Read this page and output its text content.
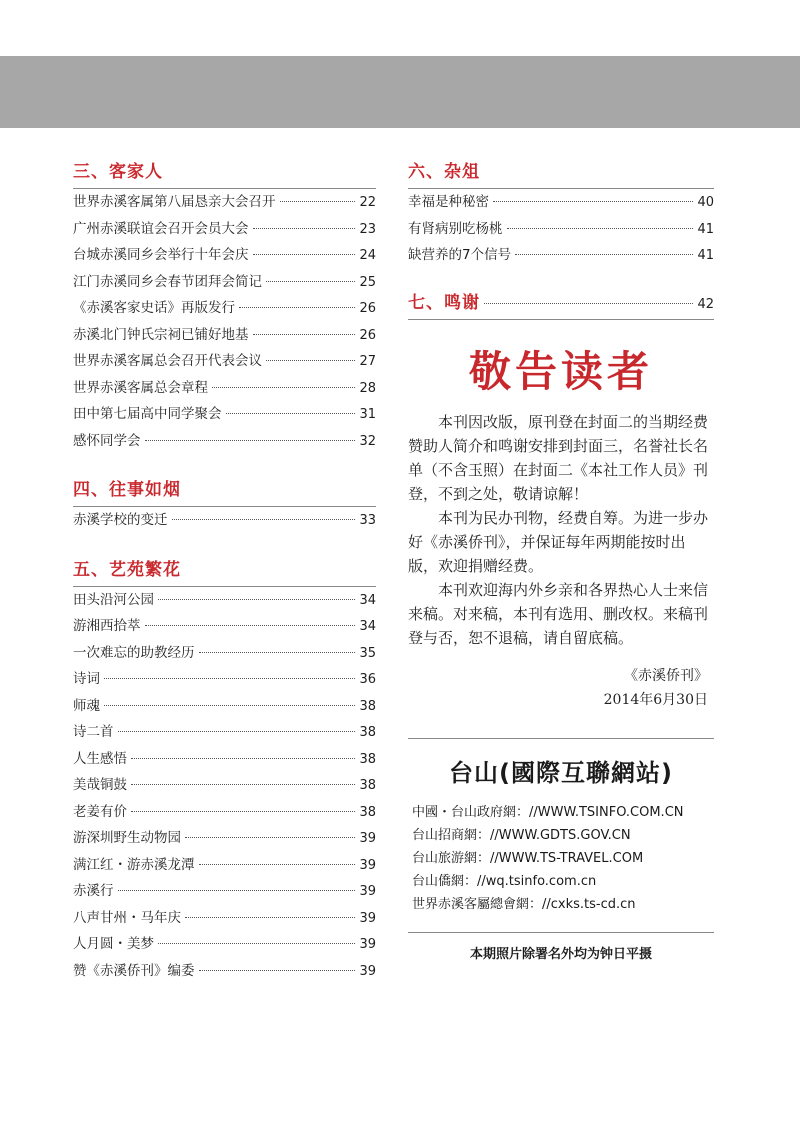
三、客家人
世界赤溪客属第八届恳亲大会召开	22
广州赤溪联谊会召开会员大会	23
台城赤溪同乡会举行十年会庆	24
江门赤溪同乡会春节团拜会简记	25
《赤溪客家史话》再版发行	26
赤溪北门钟氏宗祠已铺好地基	26
世界赤溪客属总会召开代表会议	27
世界赤溪客属总会章程	28
田中第七届高中同学聚会	31
感怀同学会	32
四、往事如烟
赤溪学校的变迁	33
五、艺苑繁花
田头沿河公园	34
游湘西拾萃	34
一次难忘的助教经历	35
诗词	36
师魂	38
诗二首	38
人生感悟	38
美哉铜鼓	38
老姜有价	38
游深圳野生动物园	39
满江红・游赤溪龙潭	39
赤溪行	39
八声甘州・马年庆	39
人月圆・美梦	39
赞《赤溪侨刊》编委	39
六、杂俎
幸福是种秘密	40
有肾病别吃杨桃	41
缺营养的7个信号	41
七、鸣谢	42
敬告读者

本刊因改版，原刊登在封面二的当期经费赞助人简介和鸣谢安排到封面三，名誉社长名单（不含玉照）在封面二《本社工作人员》刊登，不到之处，敬请谅解！

本刊为民办刊物，经费自筹。为进一步办好《赤溪侨刊》，并保证每年两期能按时出版，欢迎捐赠经费。

本刊欢迎海内外乡亲和各界热心人士来信来稿。对来稿，本刊有选用、删改权。来稿刊登与否，恕不退稿，请自留底稿。

《赤溪侨刊》
2014年6月30日
台山(國際互聯網站)
中國・台山政府網：//WWW.TSINFO.COM.CN
台山招商網：//WWW.GDTS.GOV.CN
台山旅游網：//WWW.TS-TRAVEL.COM
台山僑網：//wq.tsinfo.com.cn
世界赤溪客屬總會網：//cxks.ts-cd.cn
本期照片除署名外均为钟日平摄
